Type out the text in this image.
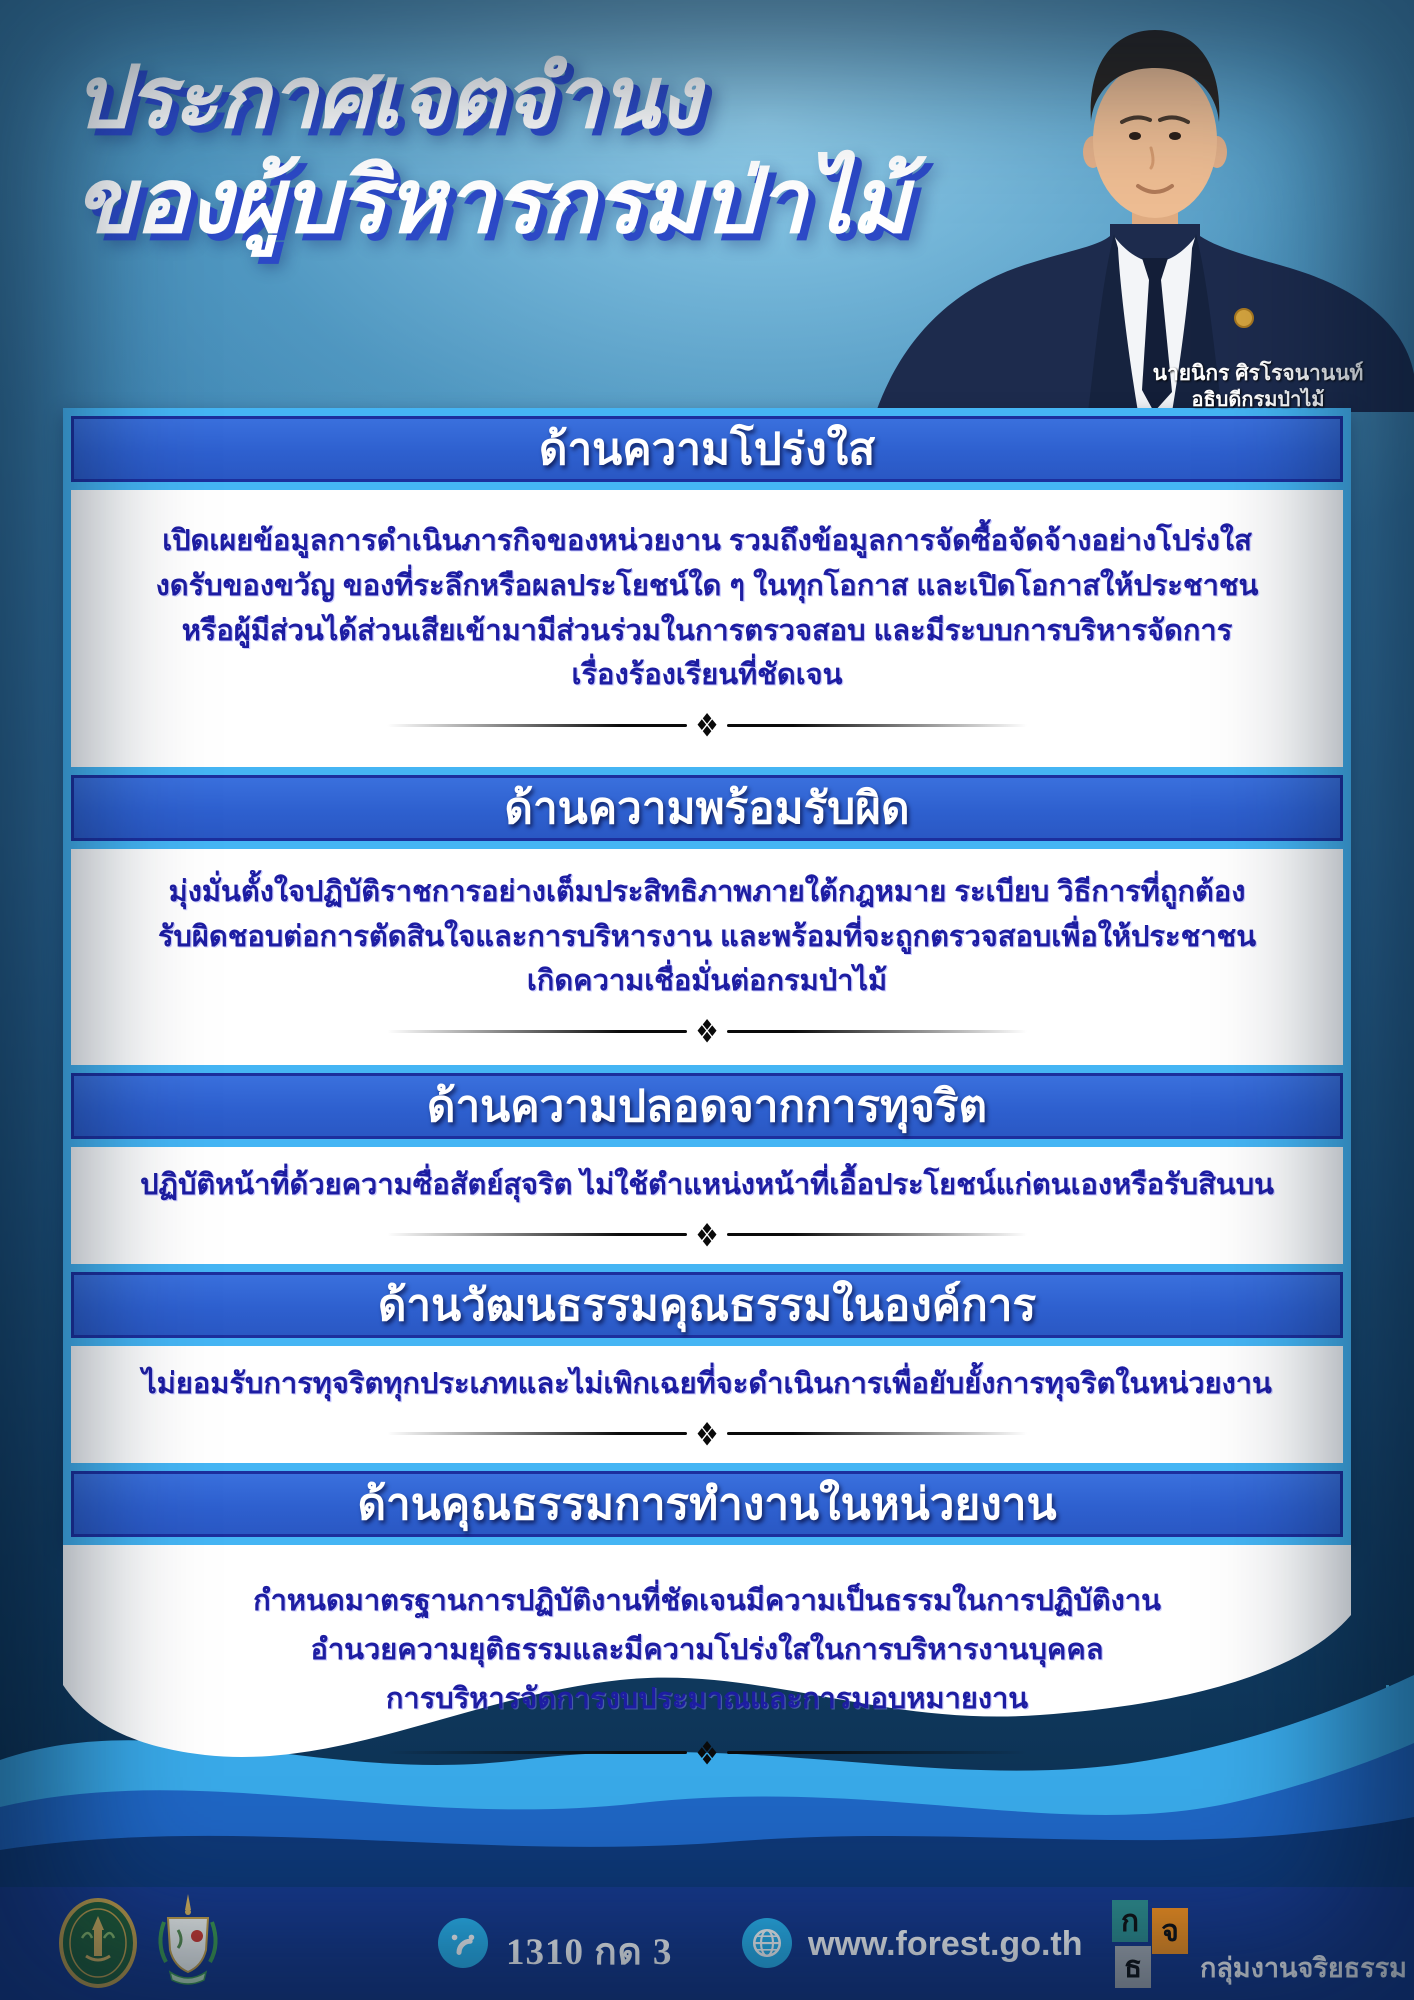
ประกาศเจตจำนง
ของผู้บริหารกรมป่าไม้
นายนิกร ศิรโรจนานนท์
อธิบดีกรมป่าไม้
ด้านความโปร่งใส
เปิดเผยข้อมูลการดำเนินภารกิจของหน่วยงาน รวมถึงข้อมูลการจัดซื้อจัดจ้างอย่างโปร่งใส
งดรับของขวัญ ของที่ระลึกหรือผลประโยชน์ใด ๆ ในทุกโอกาส และเปิดโอกาสให้ประชาชน
หรือผู้มีส่วนได้ส่วนเสียเข้ามามีส่วนร่วมในการตรวจสอบ และมีระบบการบริหารจัดการ
เรื่องร้องเรียนที่ชัดเจน
❖
ด้านความพร้อมรับผิด
มุ่งมั่นตั้งใจปฏิบัติราชการอย่างเต็มประสิทธิภาพภายใต้กฎหมาย ระเบียบ วิธีการที่ถูกต้อง
รับผิดชอบต่อการตัดสินใจและการบริหารงาน และพร้อมที่จะถูกตรวจสอบเพื่อให้ประชาชน
เกิดความเชื่อมั่นต่อกรมป่าไม้
❖
ด้านความปลอดจากการทุจริต
ปฏิบัติหน้าที่ด้วยความซื่อสัตย์สุจริต ไม่ใช้ตำแหน่งหน้าที่เอื้อประโยชน์แก่ตนเองหรือรับสินบน
❖
ด้านวัฒนธรรมคุณธรรมในองค์การ
ไม่ยอมรับการทุจริตทุกประเภทและไม่เพิกเฉยที่จะดำเนินการเพื่อยับยั้งการทุจริตในหน่วยงาน
❖
ด้านคุณธรรมการทำงานในหน่วยงาน
กำหนดมาตรฐานการปฏิบัติงานที่ชัดเจนมีความเป็นธรรมในการปฏิบัติงาน
อำนวยความยุติธรรมและมีความโปร่งใสในการบริหารงานบุคคล
การบริหารจัดการงบประมาณและการมอบหมายงาน
❖
1310 กด 3	www.forest.go.th
ก จ
ธ	กลุ่มงานจริยธรรม
